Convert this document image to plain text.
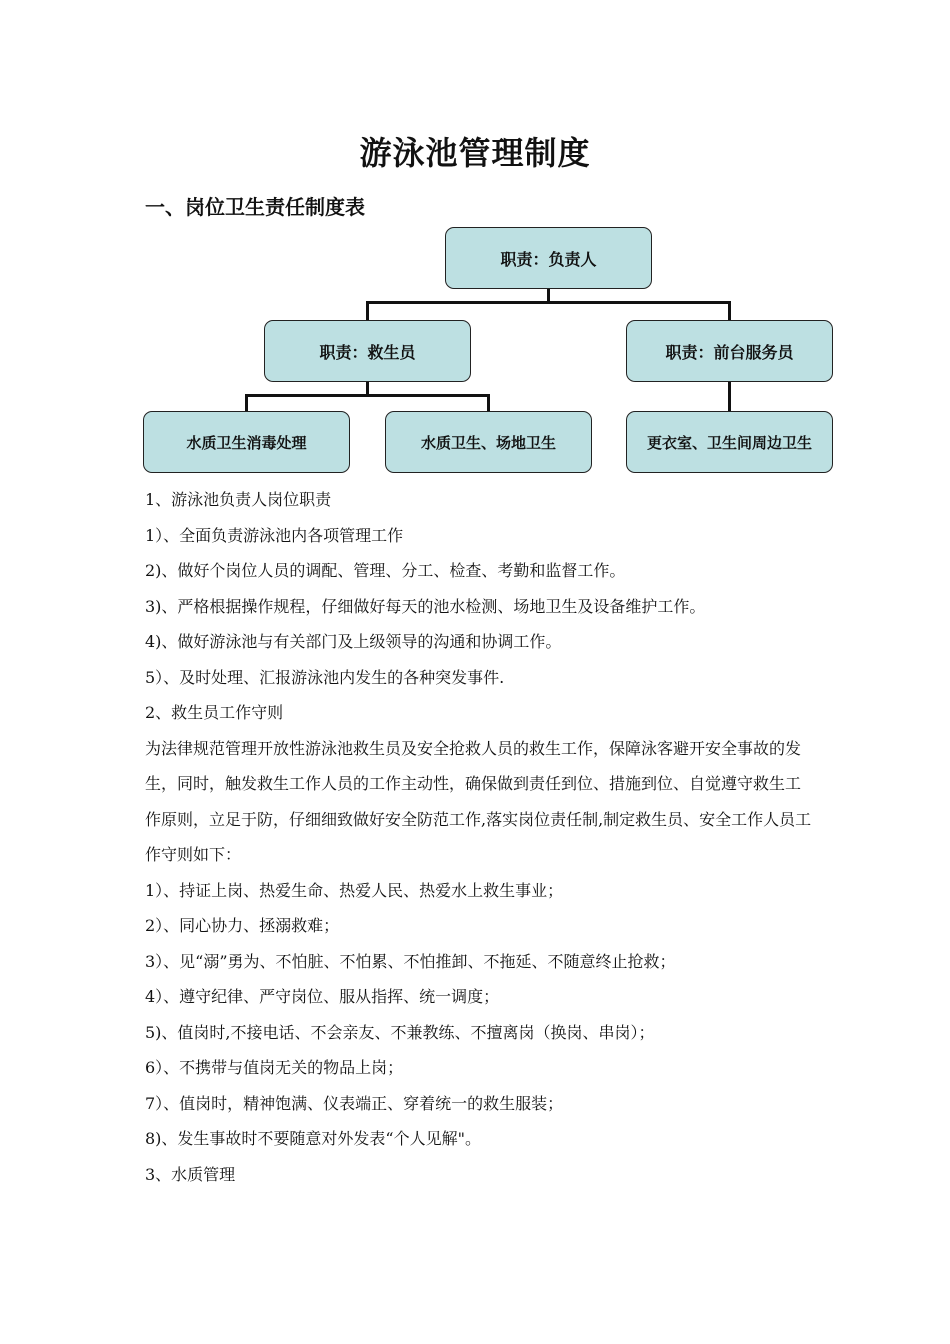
游泳池管理制度
一、岗位卫生责任制度表
职责：负责人
职责：救生员	职责：前台服务员
水质卫生消毒处理	水质卫生、场地卫生	更衣室、卫生间周边卫生

1、游泳池负责人岗位职责

1）、全面负责游泳池内各项管理工作

2)、做好个岗位人员的调配、管理、分工、检查、考勤和监督工作。

3)、严格根据操作规程，仔细做好每天的池水检测、场地卫生及设备维护工作。

4)、做好游泳池与有关部门及上级领导的沟通和协调工作。

5）、及时处理、汇报游泳池内发生的各种突发事件.

2、救生员工作守则

为法律规范管理开放性游泳池救生员及安全抢救人员的救生工作，保障泳客避开安全事故的发生，同时，触发救生工作人员的工作主动性，确保做到责任到位、措施到位、自觉遵守救生工作原则，立足于防，仔细细致做好安全防范工作,落实岗位责任制,制定救生员、安全工作人员工作守则如下：

1）、持证上岗、热爱生命、热爱人民、热爱水上救生事业；

2）、同心协力、拯溺救难；

3）、见“溺”勇为、不怕脏、不怕累、不怕推卸、不拖延、不随意终止抢救；

4）、遵守纪律、严守岗位、服从指挥、统一调度；

5)、值岗时,不接电话、不会亲友、不兼教练、不擅离岗（换岗、串岗）；

6）、不携带与值岗无关的物品上岗；

7）、值岗时，精神饱满、仪表端正、穿着统一的救生服装；

8)、发生事故时不要随意对外发表“个人见解"。

3、水质管理
